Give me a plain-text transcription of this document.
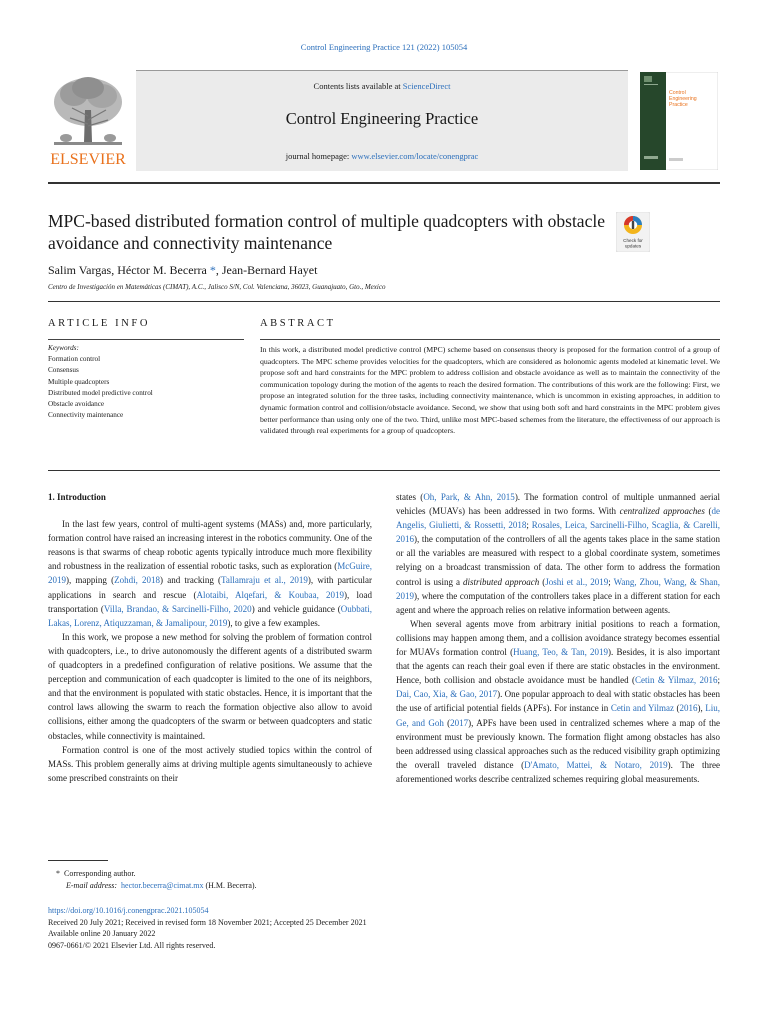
Control Engineering Practice 121 (2022) 105054
ELSEVIER
Contents lists available at ScienceDirect
Control Engineering Practice
journal homepage: www.elsevier.com/locate/conengprac
Control
Engineering
Practice
MPC-based distributed formation control of multiple quadcopters with obstacle avoidance and connectivity maintenance	Check for
updates
Salim Vargas, Héctor M. Becerra *, Jean-Bernard Hayet
Centro de Investigación en Matemáticas (CIMAT), A.C., Jalisco S/N, Col. Valenciana, 36023, Guanajuato, Gto., Mexico
ARTICLE INFO	ABSTRACT
Keywords:
Formation control
Consensus
Multiple quadcopters
Distributed model predictive control
Obstacle avoidance
Connectivity maintenance
In this work, a distributed model predictive control (MPC) scheme based on consensus theory is proposed for the formation control of a group of quadcopters. The MPC scheme provides velocities for the quadcopters, which are considered as holonomic agents modeled at kinematic level. We propose soft and hard constraints for the MPC problem to address collision and obstacle avoidance as well as to maintain the connectivity of the communication topology during the motion of the agents to reach the desired formation. The contributions of this work are the following: First, we propose an integrated solution for the three tasks, including connectivity maintenance, which is uncommon in existing approaches, in addition to dynamic formation control and collision/obstacle avoidance. Second, we show that using both soft and hard constraints in the MPC problem gives better performance than using only one of the two. Third, unlike most MPC-based schemes from the literature, the effectiveness of our approach is validated through real experiments for a group of quadcopters.

1. Introduction

In the last few years, control of multi-agent systems (MASs) and, more particularly, formation control have raised an increasing interest in the robotics community. One of the reasons is that swarms of cheap robotic agents typically introduce much more flexibility and robustness in the realization of essential robotic tasks, such as exploration (McGuire, 2019), mapping (Zohdi, 2018) and tracking (Tallamraju et al., 2019), with particular applications in search and rescue (Alotaibi, Alqefari, & Koubaa, 2019), load transportation (Villa, Brandao, & Sarcinelli-Filho, 2020) and vehicle guidance (Oubbati, Lakas, Lorenz, Atiquzzaman, & Jamalipour, 2019), to give a few examples.

In this work, we propose a new method for solving the problem of formation control with quadcopters, i.e., to drive autonomously the different agents of a distributed swarm of quadcopters in a predefined configuration of relative positions. We assume that the perception and communication of each quadcopter is limited to the one of its neighbors, and that the environment is populated with static obstacles. Hence, it is important that the control laws allowing the swarm to reach the formation objective also allow to avoid collisions, either among the quadcopters of the swarm or between quadcopters and static obstacles, while connectivity is maintained.

Formation control is one of the most actively studied topics within the control of MASs. This problem generally aims at driving multiple agents simultaneously to achieve some prescribed constraints on their

states (Oh, Park, & Ahn, 2015). The formation control of multiple unmanned aerial vehicles (MUAVs) has been addressed in two forms. With centralized approaches (de Angelis, Giulietti, & Rossetti, 2018; Rosales, Leica, Sarcinelli-Filho, Scaglia, & Carelli, 2016), the computation of the controllers of all the agents takes place in the same station or all the variables are measured with respect to a global coordinate system, sometimes relying on a broadcast transmission of data. The other form to address the formation control is using a distributed approach (Joshi et al., 2019; Wang, Zhou, Wang, & Shan, 2019), where the computation of the controllers takes place in a different station for each agent and where the approach relies on relative information between agents.

When several agents move from arbitrary initial positions to reach a formation, collisions may happen among them, and a collision avoidance strategy becomes essential for MUAVs formation control (Huang, Teo, & Tan, 2019). Besides, it is also important that the agents can reach their goal even if there are static obstacles in the environment. Hence, both collision and obstacle avoidance must be handled (Cetin & Yilmaz, 2016; Dai, Cao, Xia, & Gao, 2017). One popular approach to deal with static obstacles has been the use of artificial potential fields (APFs). For instance in Cetin and Yilmaz (2016), Liu, Ge, and Goh (2017), APFs have been used in centralized schemes where a map of the environment must be previously known. The formation flight among obstacles has also been addressed using classical approaches such as the reduced visibility graph optimizing the overall traveled distance (D'Amato, Mattei, & Notaro, 2019). The three aforementioned works describe centralized schemes requiring global measurements.

* Corresponding author.
E-mail address: hector.becerra@cimat.mx (H.M. Becerra).
https://doi.org/10.1016/j.conengprac.2021.105054
Received 20 July 2021; Received in revised form 18 November 2021; Accepted 25 December 2021
Available online 20 January 2022
0967-0661/© 2021 Elsevier Ltd. All rights reserved.
